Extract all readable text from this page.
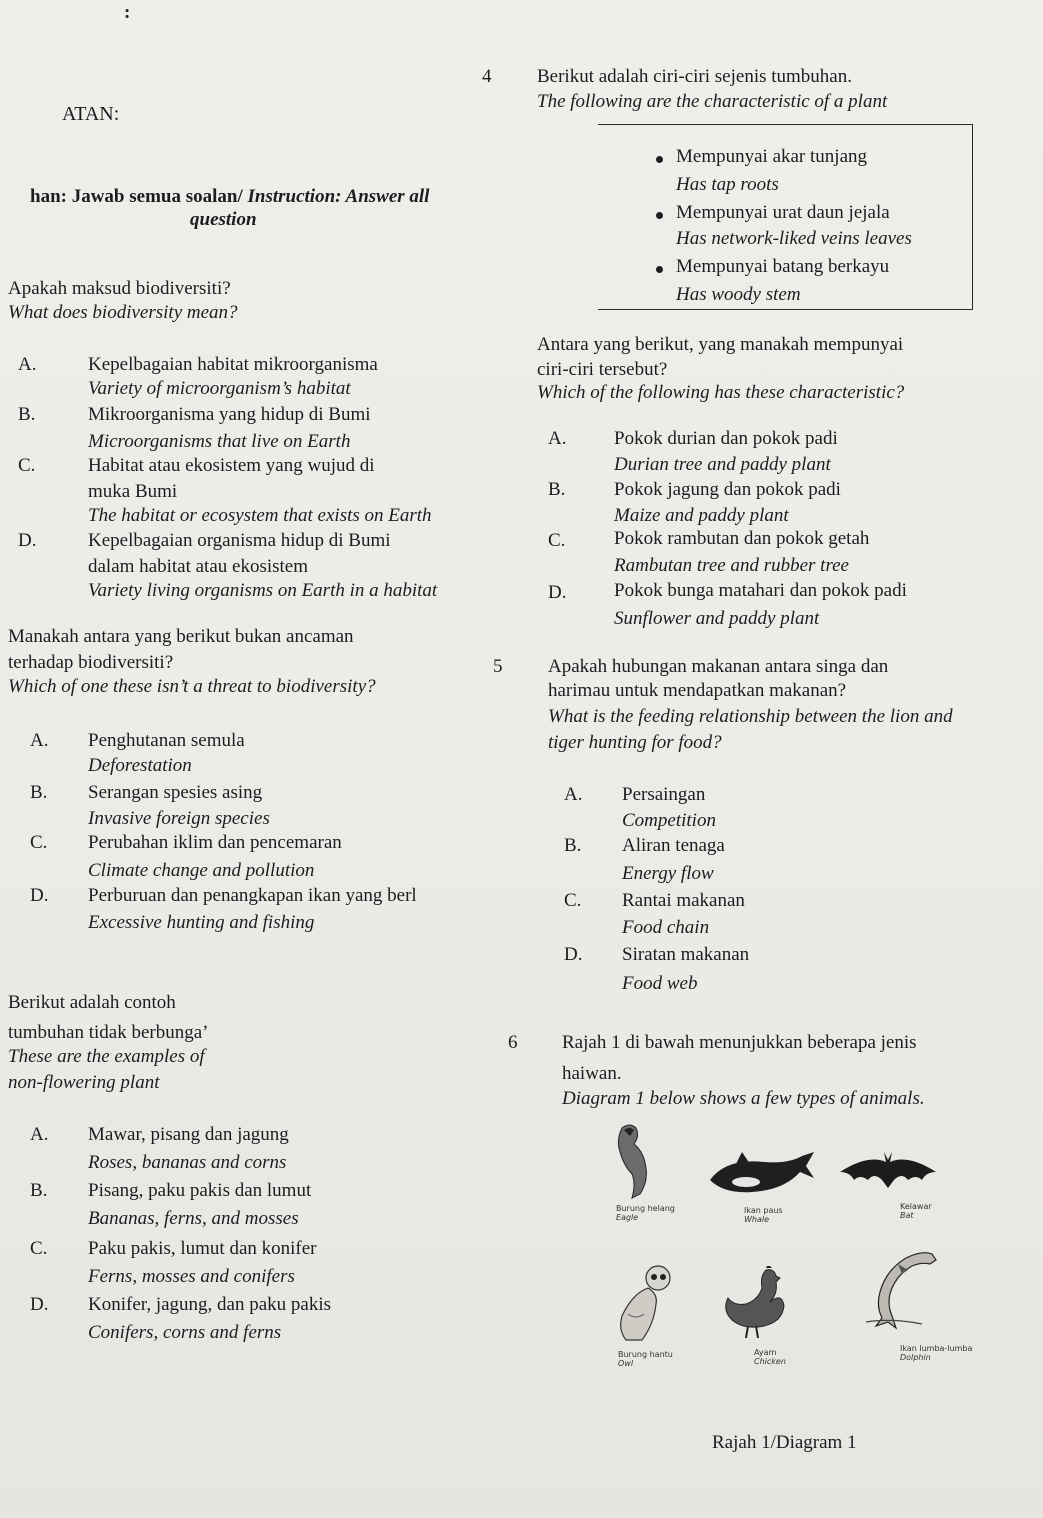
:
ATAN:
han: Jawab semua soalan/ Instruction: Answer all
question
Apakah maksud biodiversiti?
What does biodiversity mean?
A.	Kepelbagaian habitat mikroorganisma
Variety of microorganism’s habitat
B.	Mikroorganisma yang hidup di Bumi
Microorganisms that live on Earth
C.	Habitat atau ekosistem yang wujud di
muka Bumi
The habitat or ecosystem that exists on Earth
D.	Kepelbagaian organisma hidup di Bumi
dalam habitat atau ekosistem
Variety living organisms on Earth in a habitat
Manakah antara yang berikut bukan ancaman
terhadap biodiversiti?
Which of one these isn’t a threat to biodiversity?
A. Penghutanan semula
Deforestation
B. Serangan spesies asing
Invasive foreign species
C. Perubahan iklim dan pencemaran
Climate change and pollution
D. Perburuan dan penangkapan ikan yang berl
Excessive hunting and fishing
Berikut adalah contoh
tumbuhan tidak berbunga’
These are the examples of
non-flowering plant
A. Mawar, pisang dan jagung
Roses, bananas and corns
B. Pisang, paku pakis dan lumut
Bananas, ferns, and mosses
C. Paku pakis, lumut dan konifer
Ferns, mosses and conifers
D. Konifer, jagung, dan paku pakis
Conifers, corns and ferns
4 Berikut adalah ciri-ciri sejenis tumbuhan.
The following are the characteristic of a plant
Mempunyai akar tunjang
Has tap roots
Mempunyai urat daun jejala
Has network-liked veins leaves
Mempunyai batang berkayu
Has woody stem
Antara yang berikut, yang manakah mempunyai
ciri-ciri tersebut?
Which of the following has these characteristic?
A.	Pokok durian dan pokok padi
Durian tree and paddy plant
B.	Pokok jagung dan pokok padi
Maize and paddy plant
C.	Pokok rambutan dan pokok getah
Rambutan tree and rubber tree
D.	Pokok bunga matahari dan pokok padi
Sunflower and paddy plant
5 Apakah hubungan makanan antara singa dan
harimau untuk mendapatkan makanan?
What is the feeding relationship between the lion and
tiger hunting for food?
A. Persaingan
Competition
B. Aliran tenaga
Energy flow
C. Rantai makanan
Food chain
D. Siratan makanan
Food web
6 Rajah 1 di bawah menunjukkan beberapa jenis
haiwan.
Diagram 1 below shows a few types of animals.
Burung helang
Eagle
Ikan paus
Whale
Kelawar
Bat
Burung hantu
Owl
Ayam
Chicken
Ikan lumba-lumba
Dolphin
Rajah 1/Diagram 1
